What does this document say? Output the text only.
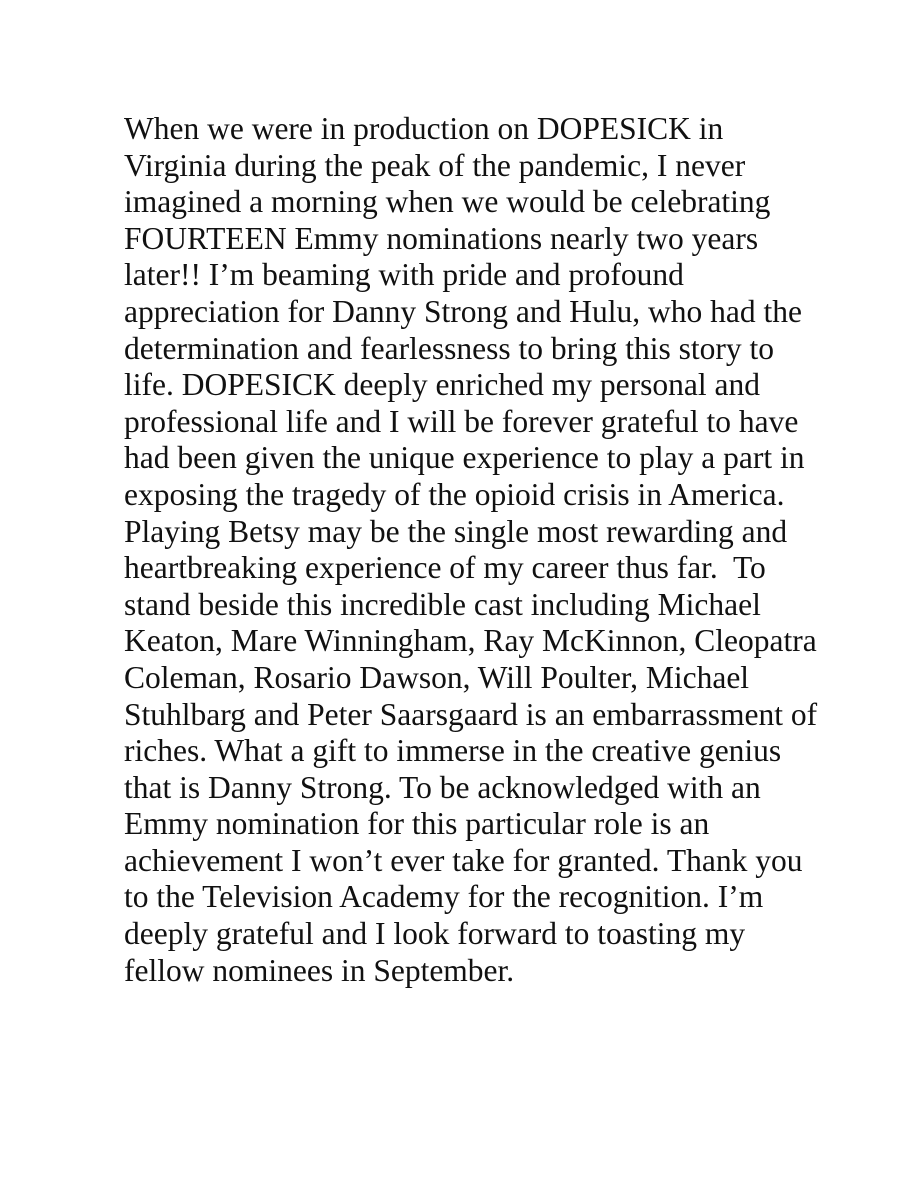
When we were in production on DOPESICK in
Virginia during the peak of the pandemic, I never
imagined a morning when we would be celebrating
FOURTEEN Emmy nominations nearly two years
later!! I’m beaming with pride and profound
appreciation for Danny Strong and Hulu, who had the
determination and fearlessness to bring this story to
life. DOPESICK deeply enriched my personal and
professional life and I will be forever grateful to have
had been given the unique experience to play a part in
exposing the tragedy of the opioid crisis in America.
Playing Betsy may be the single most rewarding and
heartbreaking experience of my career thus far.  To
stand beside this incredible cast including Michael
Keaton, Mare Winningham, Ray McKinnon, Cleopatra
Coleman, Rosario Dawson, Will Poulter, Michael
Stuhlbarg and Peter Saarsgaard is an embarrassment of
riches. What a gift to immerse in the creative genius
that is Danny Strong. To be acknowledged with an
Emmy nomination for this particular role is an
achievement I won’t ever take for granted. Thank you
to the Television Academy for the recognition. I’m
deeply grateful and I look forward to toasting my
fellow nominees in September.
